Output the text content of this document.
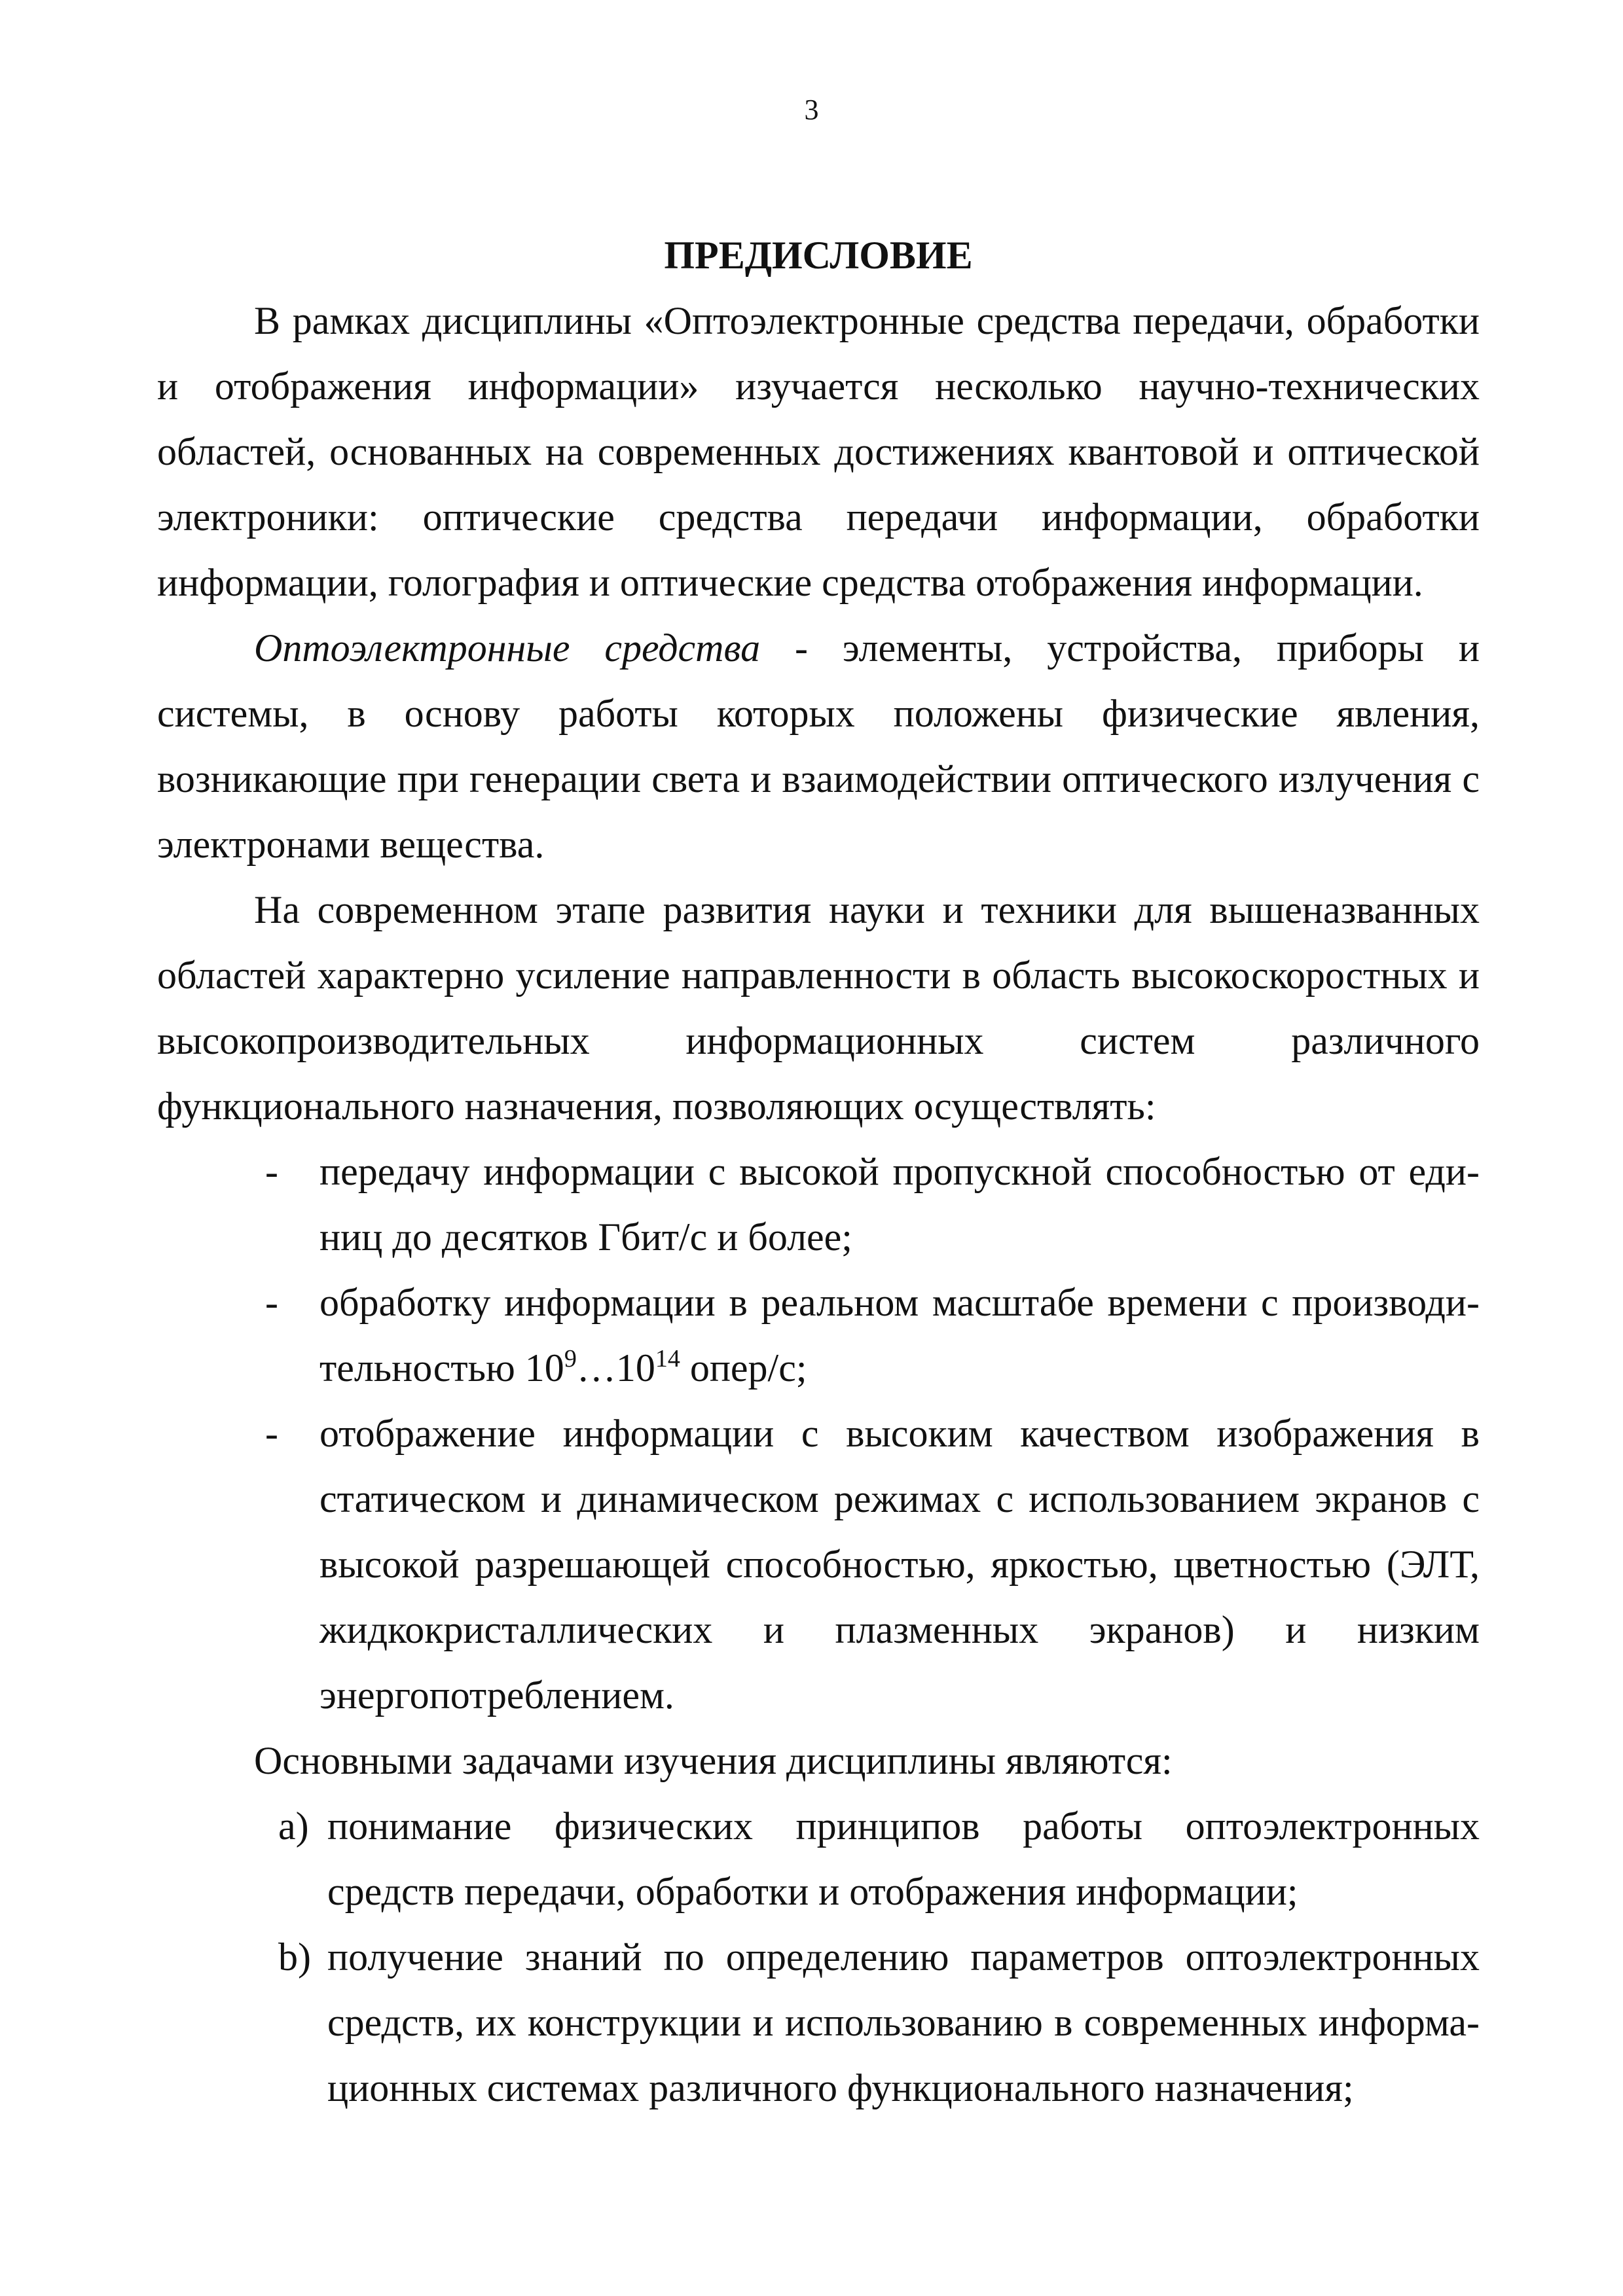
3
ПРЕДИСЛОВИЕ

В рамках дисциплины «Оптоэлектронные средства передачи, обработки и отображения информации» изучается несколько научно-технических областей, основанных на современных достижениях квантовой и оптической электроники: оптические средства передачи информации, обработки информации, голография и оптические средства отображения информации.

Оптоэлектронные средства - элементы, устройства, приборы и системы, в основу работы которых положены физические явления, возникающие при генерации света и взаимодействии оптического излучения с электронами вещества.

На современном этапе развития науки и техники для вышеназванных областей характерно усиление направленности в область высокоскоростных и высокопроизводительных информационных систем различного функционального назначения, позволяющих осуществлять:

- передачу информации с высокой пропускной способностью от единиц до десятков Гбит/с и более;
- обработку информации в реальном масштабе времени с производительностью $10^9\dots 10^{14}$ опер/с;
- отображение информации с высоким качеством изображения в статическом и динамическом режимах с использованием экранов с высокой разрешающей способностью, яркостью, цветностью (ЭЛТ, жидкокристаллических и плазменных экранов) и низким энергопотреблением.

Основными задачами изучения дисциплины являются:

a) понимание физических принципов работы оптоэлектронных средств передачи, обработки и отображения информации;
b) получение знаний по определению параметров оптоэлектронных средств, их конструкции и использованию в современных информационных системах различного функционального назначения;
